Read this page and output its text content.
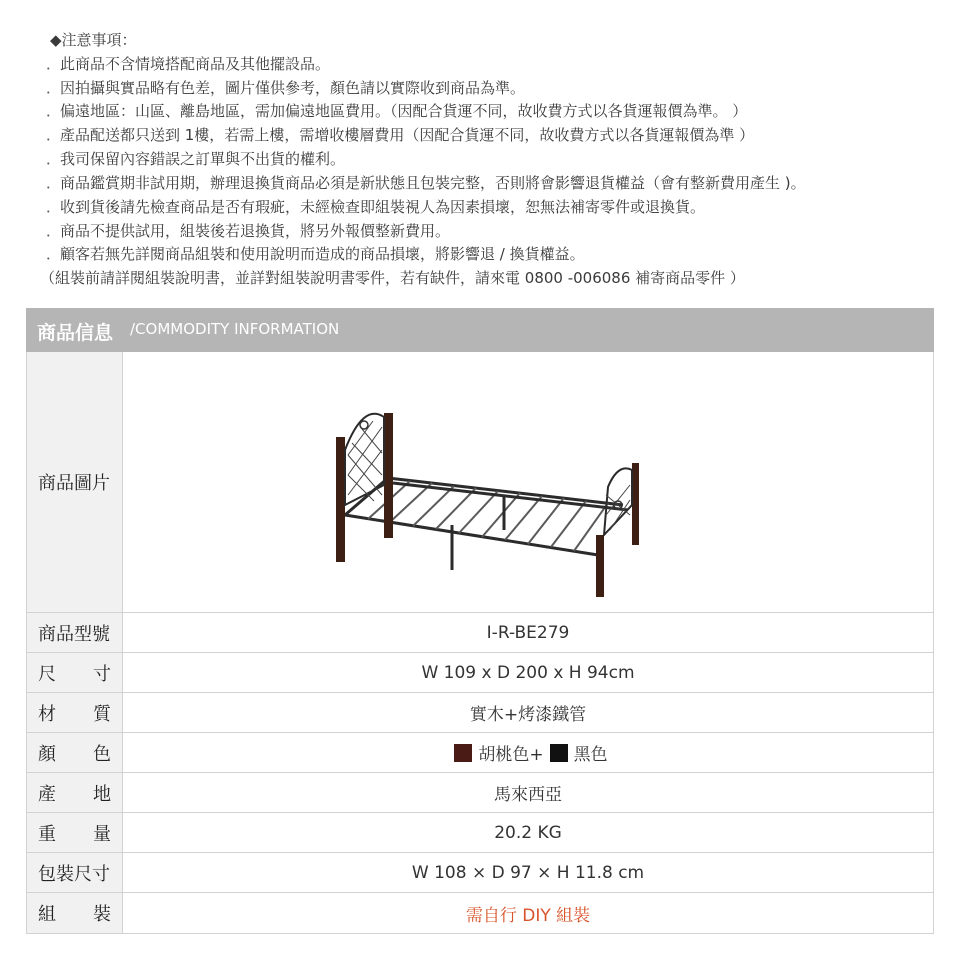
◆注意事項：
．此商品不含情境搭配商品及其他擺設品。
．因拍攝與實品略有色差，圖片僅供參考，顏色請以實際收到商品為準。
．偏遠地區：山區、離島地區，需加偏遠地區費用。（因配合貨運不同，故收費方式以各貨運報價為準。 ）
．產品配送都只送到 1樓，若需上樓，需增收樓層費用（因配合貨運不同，故收費方式以各貨運報價為準 ）
．我司保留內容錯誤之訂單與不出貨的權利。
．商品鑑賞期非試用期，辦理退換貨商品必須是新狀態且包裝完整，否則將會影響退貨權益（會有整新費用產生 )。
．收到貨後請先檢查商品是否有瑕疵，未經檢查即組裝視人為因素損壞，恕無法補寄零件或退換貨。
．商品不提供試用，組裝後若退換貨，將另外報價整新費用。
．顧客若無先詳閱商品組裝和使用說明而造成的商品損壞，將影響退 / 換貨權益。
（組裝前請詳閱組裝說明書，並詳對組裝說明書零件，若有缺件，請來電 0800 -006086 補寄商品零件 ）
商品信息 /COMMODITY INFORMATION
商品圖片
商品型號	I-R-BE279
尺 寸	W 109 x D 200 x H 94cm
材 質	實木+烤漆鐵管
顏 色	胡桃色+ 黑色
產 地	馬來西亞
重 量	20.2 KG
包裝尺寸	W 108 × D 97 × H 11.8 cm
組 裝	需自行 DIY 組裝
